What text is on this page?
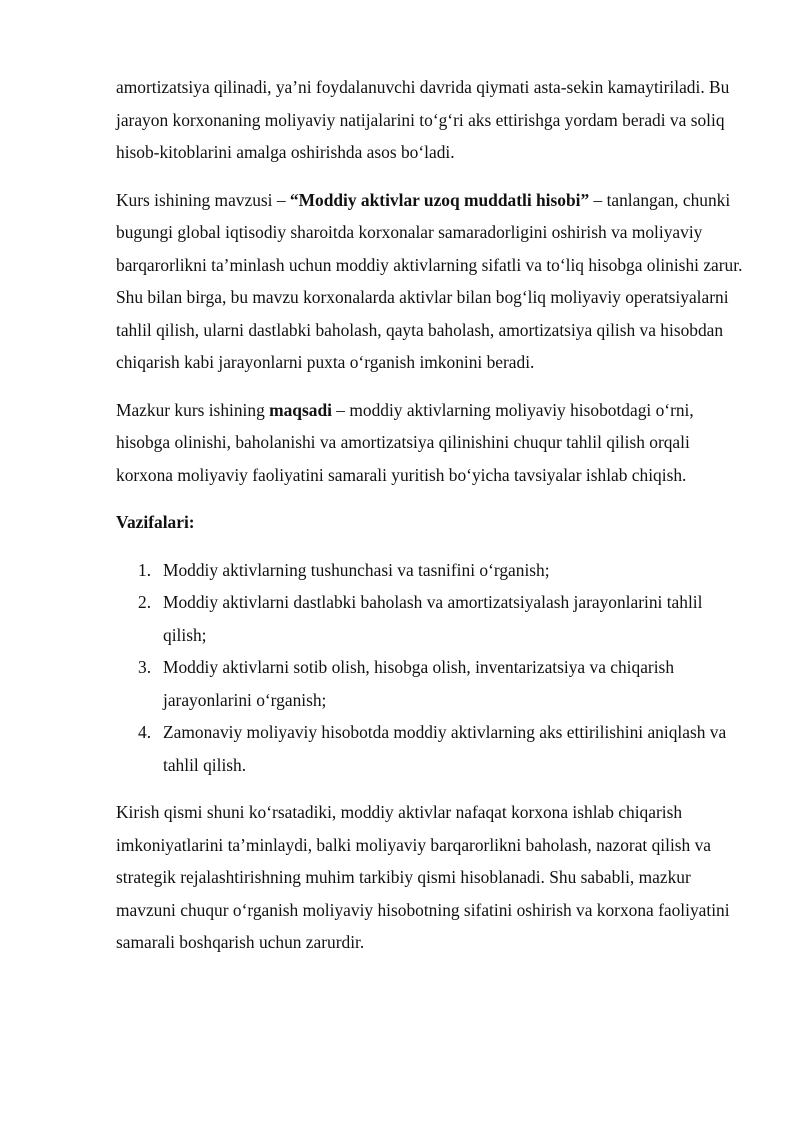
amortizatsiya qilinadi, ya’ni foydalanuvchi davrida qiymati asta-sekin kamaytiriladi. Bu jarayon korxonaning moliyaviy natijalarini to‘g‘ri aks ettirishga yordam beradi va soliq hisob-kitoblarini amalga oshirishda asos bo‘ladi.

Kurs ishining mavzusi – “Moddiy aktivlar uzoq muddatli hisobi” – tanlangan, chunki bugungi global iqtisodiy sharoitda korxonalar samaradorligini oshirish va moliyaviy barqarorlikni ta’minlash uchun moddiy aktivlarning sifatli va to‘liq hisobga olinishi zarur. Shu bilan birga, bu mavzu korxonalarda aktivlar bilan bog‘liq moliyaviy operatsiyalarni tahlil qilish, ularni dastlabki baholash, qayta baholash, amortizatsiya qilish va hisobdan chiqarish kabi jarayonlarni puxta o‘rganish imkonini beradi.

Mazkur kurs ishining maqsadi – moddiy aktivlarning moliyaviy hisobotdagi o‘rni, hisobga olinishi, baholanishi va amortizatsiya qilinishini chuqur tahlil qilish orqali korxona moliyaviy faoliyatini samarali yuritish bo‘yicha tavsiyalar ishlab chiqish.

Vazifalari:

1. Moddiy aktivlarning tushunchasi va tasnifini o‘rganish;
2. Moddiy aktivlarni dastlabki baholash va amortizatsiyalash jarayonlarini tahlil qilish;
3. Moddiy aktivlarni sotib olish, hisobga olish, inventarizatsiya va chiqarish jarayonlarini o‘rganish;
4. Zamonaviy moliyaviy hisobotda moddiy aktivlarning aks ettirilishini aniqlash va tahlil qilish.

Kirish qismi shuni ko‘rsatadiki, moddiy aktivlar nafaqat korxona ishlab chiqarish imkoniyatlarini ta’minlaydi, balki moliyaviy barqarorlikni baholash, nazorat qilish va strategik rejalashtirishning muhim tarkibiy qismi hisoblanadi. Shu sababli, mazkur mavzuni chuqur o‘rganish moliyaviy hisobotning sifatini oshirish va korxona faoliyatini samarali boshqarish uchun zarurdir.
